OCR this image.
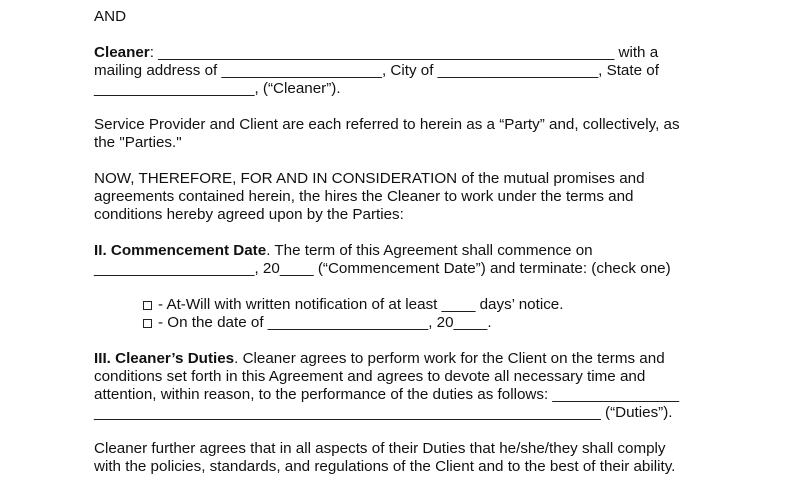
AND
Cleaner: ______________________________________________________ with a
mailing address of ___________________, City of ___________________, State of
___________________, (“Cleaner”).
Service Provider and Client are each referred to herein as a “Party” and, collectively, as
the "Parties."
NOW, THEREFORE, FOR AND IN CONSIDERATION of the mutual promises and
agreements contained herein, the hires the Cleaner to work under the terms and
conditions hereby agreed upon by the Parties:
II. Commencement Date. The term of this Agreement shall commence on
___________________, 20____ (“Commencement Date”) and terminate: (check one)
- At-Will with written notification of at least ____ days’ notice.
- On the date of ___________________, 20____.
III. Cleaner’s Duties. Cleaner agrees to perform work for the Client on the terms and
conditions set forth in this Agreement and agrees to devote all necessary time and
attention, within reason, to the performance of the duties as follows: _______________
____________________________________________________________ (“Duties”).
Cleaner further agrees that in all aspects of their Duties that he/she/they shall comply
with the policies, standards, and regulations of the Client and to the best of their ability.
